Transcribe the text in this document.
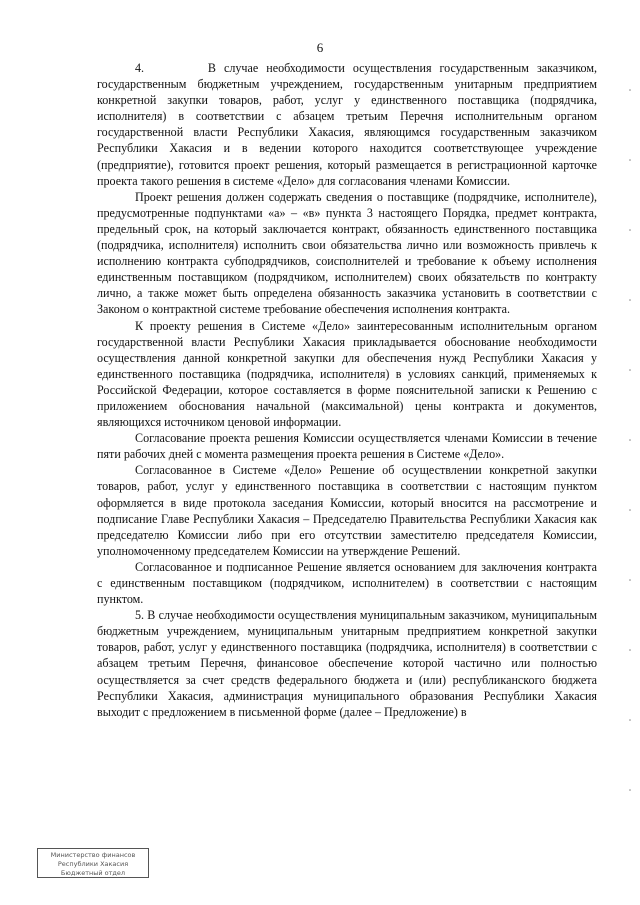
6

4.        В случае необходимости осуществления государственным заказчиком, государственным бюджетным учреждением, государственным унитарным предприятием конкретной закупки товаров, работ, услуг у единственного поставщика (подрядчика, исполнителя) в соответствии с абзацем третьим Перечня исполнительным органом государственной власти Республики Хакасия, являющимся государственным заказчиком Республики Хакасия и в ведении которого находится соответствующее учреждение (предприятие), готовится проект решения, который размещается в регистрационной карточке проекта такого решения в системе «Дело» для согласования членами Комиссии.

Проект решения должен содержать сведения о поставщике (подрядчике, исполнителе), предусмотренные подпунктами «а» – «в» пункта 3 настоящего Порядка, предмет контракта, предельный срок, на который заключается контракт, обязанность единственного поставщика (подрядчика, исполнителя) исполнить свои обязательства лично или возможность привлечь к исполнению контракта субподрядчиков, соисполнителей и требование к объему исполнения единственным поставщиком (подрядчиком, исполнителем) своих обязательств по контракту лично, а также может быть определена обязанность заказчика установить в соответствии с Законом о контрактной системе требование обеспечения исполнения контракта.

К проекту решения в Системе «Дело» заинтересованным исполнительным органом государственной власти Республики Хакасия прикладывается обоснование необходимости осуществления данной конкретной закупки для обеспечения нужд Республики Хакасия у единственного поставщика (подрядчика, исполнителя) в условиях санкций, применяемых к Российской Федерации, которое составляется в форме пояснительной записки к Решению с приложением обоснования начальной (максимальной) цены контракта и документов, являющихся источником ценовой информации.

Согласование проекта решения Комиссии осуществляется членами Комиссии в течение пяти рабочих дней с момента размещения проекта решения в Системе «Дело».

Согласованное в Системе «Дело» Решение об осуществлении конкретной закупки товаров, работ, услуг у единственного поставщика в соответствии с настоящим пунктом оформляется в виде протокола заседания Комиссии, который вносится на рассмотрение и подписание Главе Республики Хакасия – Председателю Правительства Республики Хакасия как председателю Комиссии либо при его отсутствии заместителю председателя Комиссии, уполномоченному председателем Комиссии на утверждение Решений.

Согласованное и подписанное Решение является основанием для заключения контракта с единственным поставщиком (подрядчиком, исполнителем) в соответствии с настоящим пунктом.

5. В случае необходимости осуществления муниципальным заказчиком, муниципальным бюджетным учреждением, муниципальным унитарным предприятием конкретной закупки товаров, работ, услуг у единственного поставщика (подрядчика, исполнителя) в соответствии с абзацем третьим Перечня, финансовое обеспечение которой частично или полностью осуществляется за счет средств федерального бюджета и (или) республиканского бюджета Республики Хакасия, администрация муниципального образования Республики Хакасия выходит с предложением в письменной форме (далее – Предложение) в

Министерство финансов
Республики Хакасия
Бюджетный отдел
